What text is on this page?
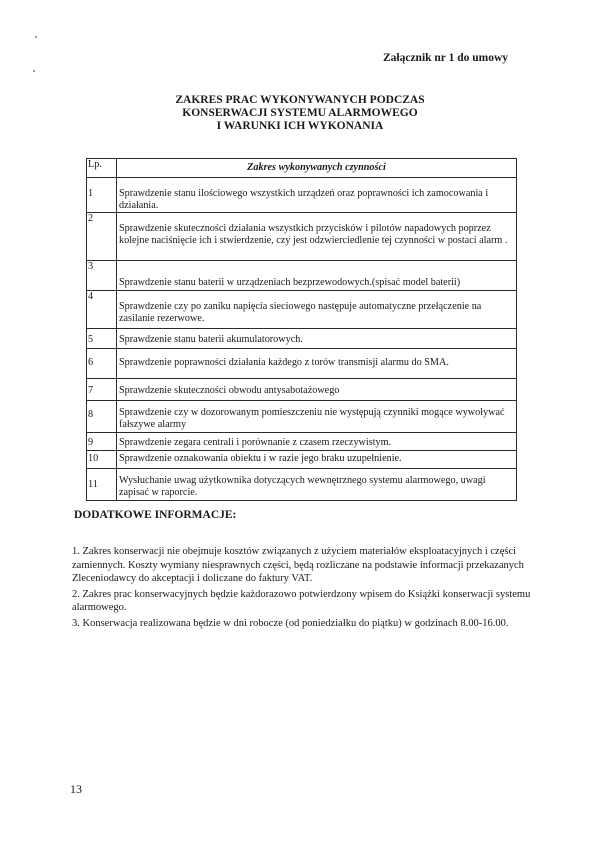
Załącznik nr 1 do umowy
ZAKRES PRAC WYKONYWANYCH PODCZAS
KONSERWACJI SYSTEMU ALARMOWEGO
I WARUNKI ICH WYKONANIA
Lp.	Zakres wykonywanych czynności
1	Sprawdzenie stanu ilościowego wszystkich urządzeń oraz poprawności ich zamocowania i działania.

2	Sprawdzenie skuteczności działania wszystkich przycisków i pilotów napadowych poprzez kolejne naciśnięcie ich i stwierdzenie, czy jest odzwierciedlenie tej czynności w postaci alarm .

3	Sprawdzenie stanu baterii w urządzeniach bezprzewodowych.(spisać model baterii)

4	Sprawdzenie czy po zaniku napięcia sieciowego następuje automatyczne przełączenie na zasilanie rezerwowe.

5	Sprawdzenie stanu baterii akumulatorowych.

6	Sprawdzenie poprawności działania każdego z torów transmisji alarmu do SMA.

7	Sprawdzenie skuteczności obwodu antysabotażowego

8	Sprawdzenie czy w dozorowanym pomieszczeniu nie występują czynniki mogące wywoływać fałszywe alarmy

9	Sprawdzenie zegara centrali i porównanie z czasem rzeczywistym.

10	Sprawdzenie oznakowania obiektu i w razie jego braku uzupełnienie.

11	Wysłuchanie uwag użytkownika dotyczących wewnętrznego systemu alarmowego, uwagi zapisać w raporcie.
DODATKOWE INFORMACJE:

1. Zakres konserwacji nie obejmuje kosztów związanych z użyciem materiałów eksploatacyjnych i części zamiennych. Koszty wymiany niesprawnych części, będą rozliczane na podstawie informacji przekazanych Zleceniodawcy do akceptacji i doliczane do faktury VAT.

2. Zakres prac konserwacyjnych będzie każdorazowo potwierdzony wpisem do Książki konserwacji systemu alarmowego.

3. Konserwacja realizowana będzie w dni robocze (od poniedziałku do piątku) w godzinach 8.00-16.00.

13
